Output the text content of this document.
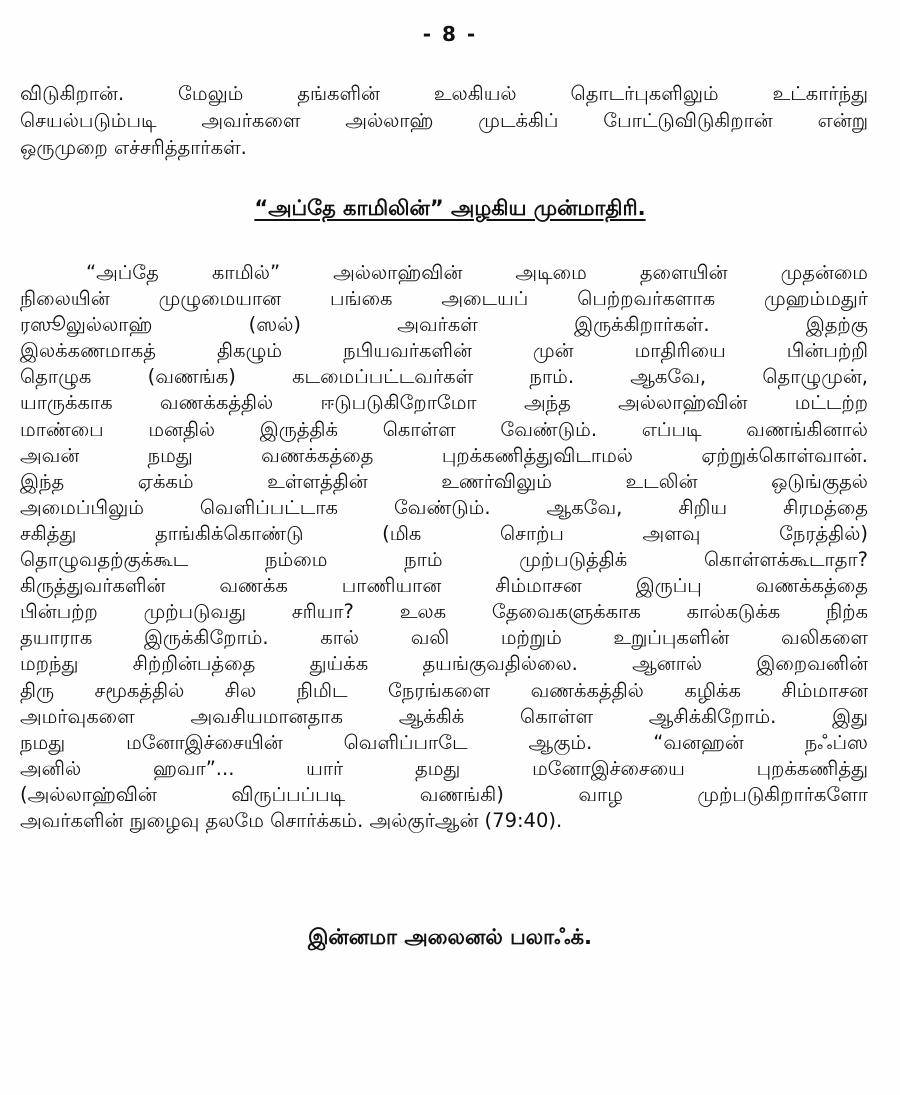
- 8 -

விடுகிறான். மேலும் தங்களின் உலகியல் தொடர்புகளிலும் உட்கார்ந்து
செயல்படும்படி அவர்களை அல்லாஹ் முடக்கிப் போட்டுவிடுகிறான் என்று
ஒருமுறை எச்சரித்தார்கள்.

“அப்தே காமிலின்” அழகிய முன்மாதிரி.

“அப்தே காமில்” அல்லாஹ்வின் அடிமை தளையின் முதன்மை
நிலையின் முழுமையான பங்கை அடையப் பெற்றவர்களாக முஹம்மதுர்
ரஸூலுல்லாஹ் (ஸல்) அவர்கள் இருக்கிறார்கள். இதற்கு
இலக்கணமாகத் திகழும் நபியவர்களின் முன் மாதிரியை பின்பற்றி
தொழுக (வணங்க) கடமைப்பட்டவர்கள் நாம். ஆகவே, தொழுமுன்,
யாருக்காக வணக்கத்தில் ஈடுபடுகிறோமோ அந்த அல்லாஹ்வின் மட்டற்ற
மாண்பை மனதில் இருத்திக் கொள்ள வேண்டும். எப்படி வணங்கினால்
அவன் நமது வணக்கத்தை புறக்கணித்துவிடாமல் ஏற்றுக்கொள்வான்.
இந்த ஏக்கம் உள்ளத்தின் உணர்விலும் உடலின் ஒடுங்குதல்
அமைப்பிலும் வெளிப்பட்டாக வேண்டும். ஆகவே, சிறிய சிரமத்தை
சகித்து தாங்கிக்கொண்டு (மிக சொற்ப அளவு நேரத்தில்)
தொழுவதற்குக்கூட நம்மை நாம் முற்படுத்திக் கொள்ளக்கூடாதா?
கிருத்துவர்களின் வணக்க பாணியான சிம்மாசன இருப்பு வணக்கத்தை
பின்பற்ற முற்படுவது சரியா? உலக தேவைகளுக்காக கால்கடுக்க நிற்க
தயாராக இருக்கிறோம். கால் வலி மற்றும் உறுப்புகளின் வலிகளை
மறந்து சிற்றின்பத்தை துய்க்க தயங்குவதில்லை. ஆனால் இறைவனின்
திரு சமூகத்தில் சில நிமிட நேரங்களை வணக்கத்தில் கழிக்க சிம்மாசன
அமர்வுகளை அவசியமானதாக ஆக்கிக் கொள்ள ஆசிக்கிறோம். இது
நமது மனோஇச்சையின் வெளிப்பாடே ஆகும். “வனஹன் நஃப்ஸ
அனில் ஹவா”... யார் தமது மனோஇச்சையை புறக்கணித்து
(அல்லாஹ்வின் விருப்பப்படி வணங்கி) வாழ முற்படுகிறார்களோ
அவர்களின் நுழைவு தலமே சொர்க்கம். அல்குர்ஆன் (79:40).

இன்னமா அலைனல் பலாஃக்.
